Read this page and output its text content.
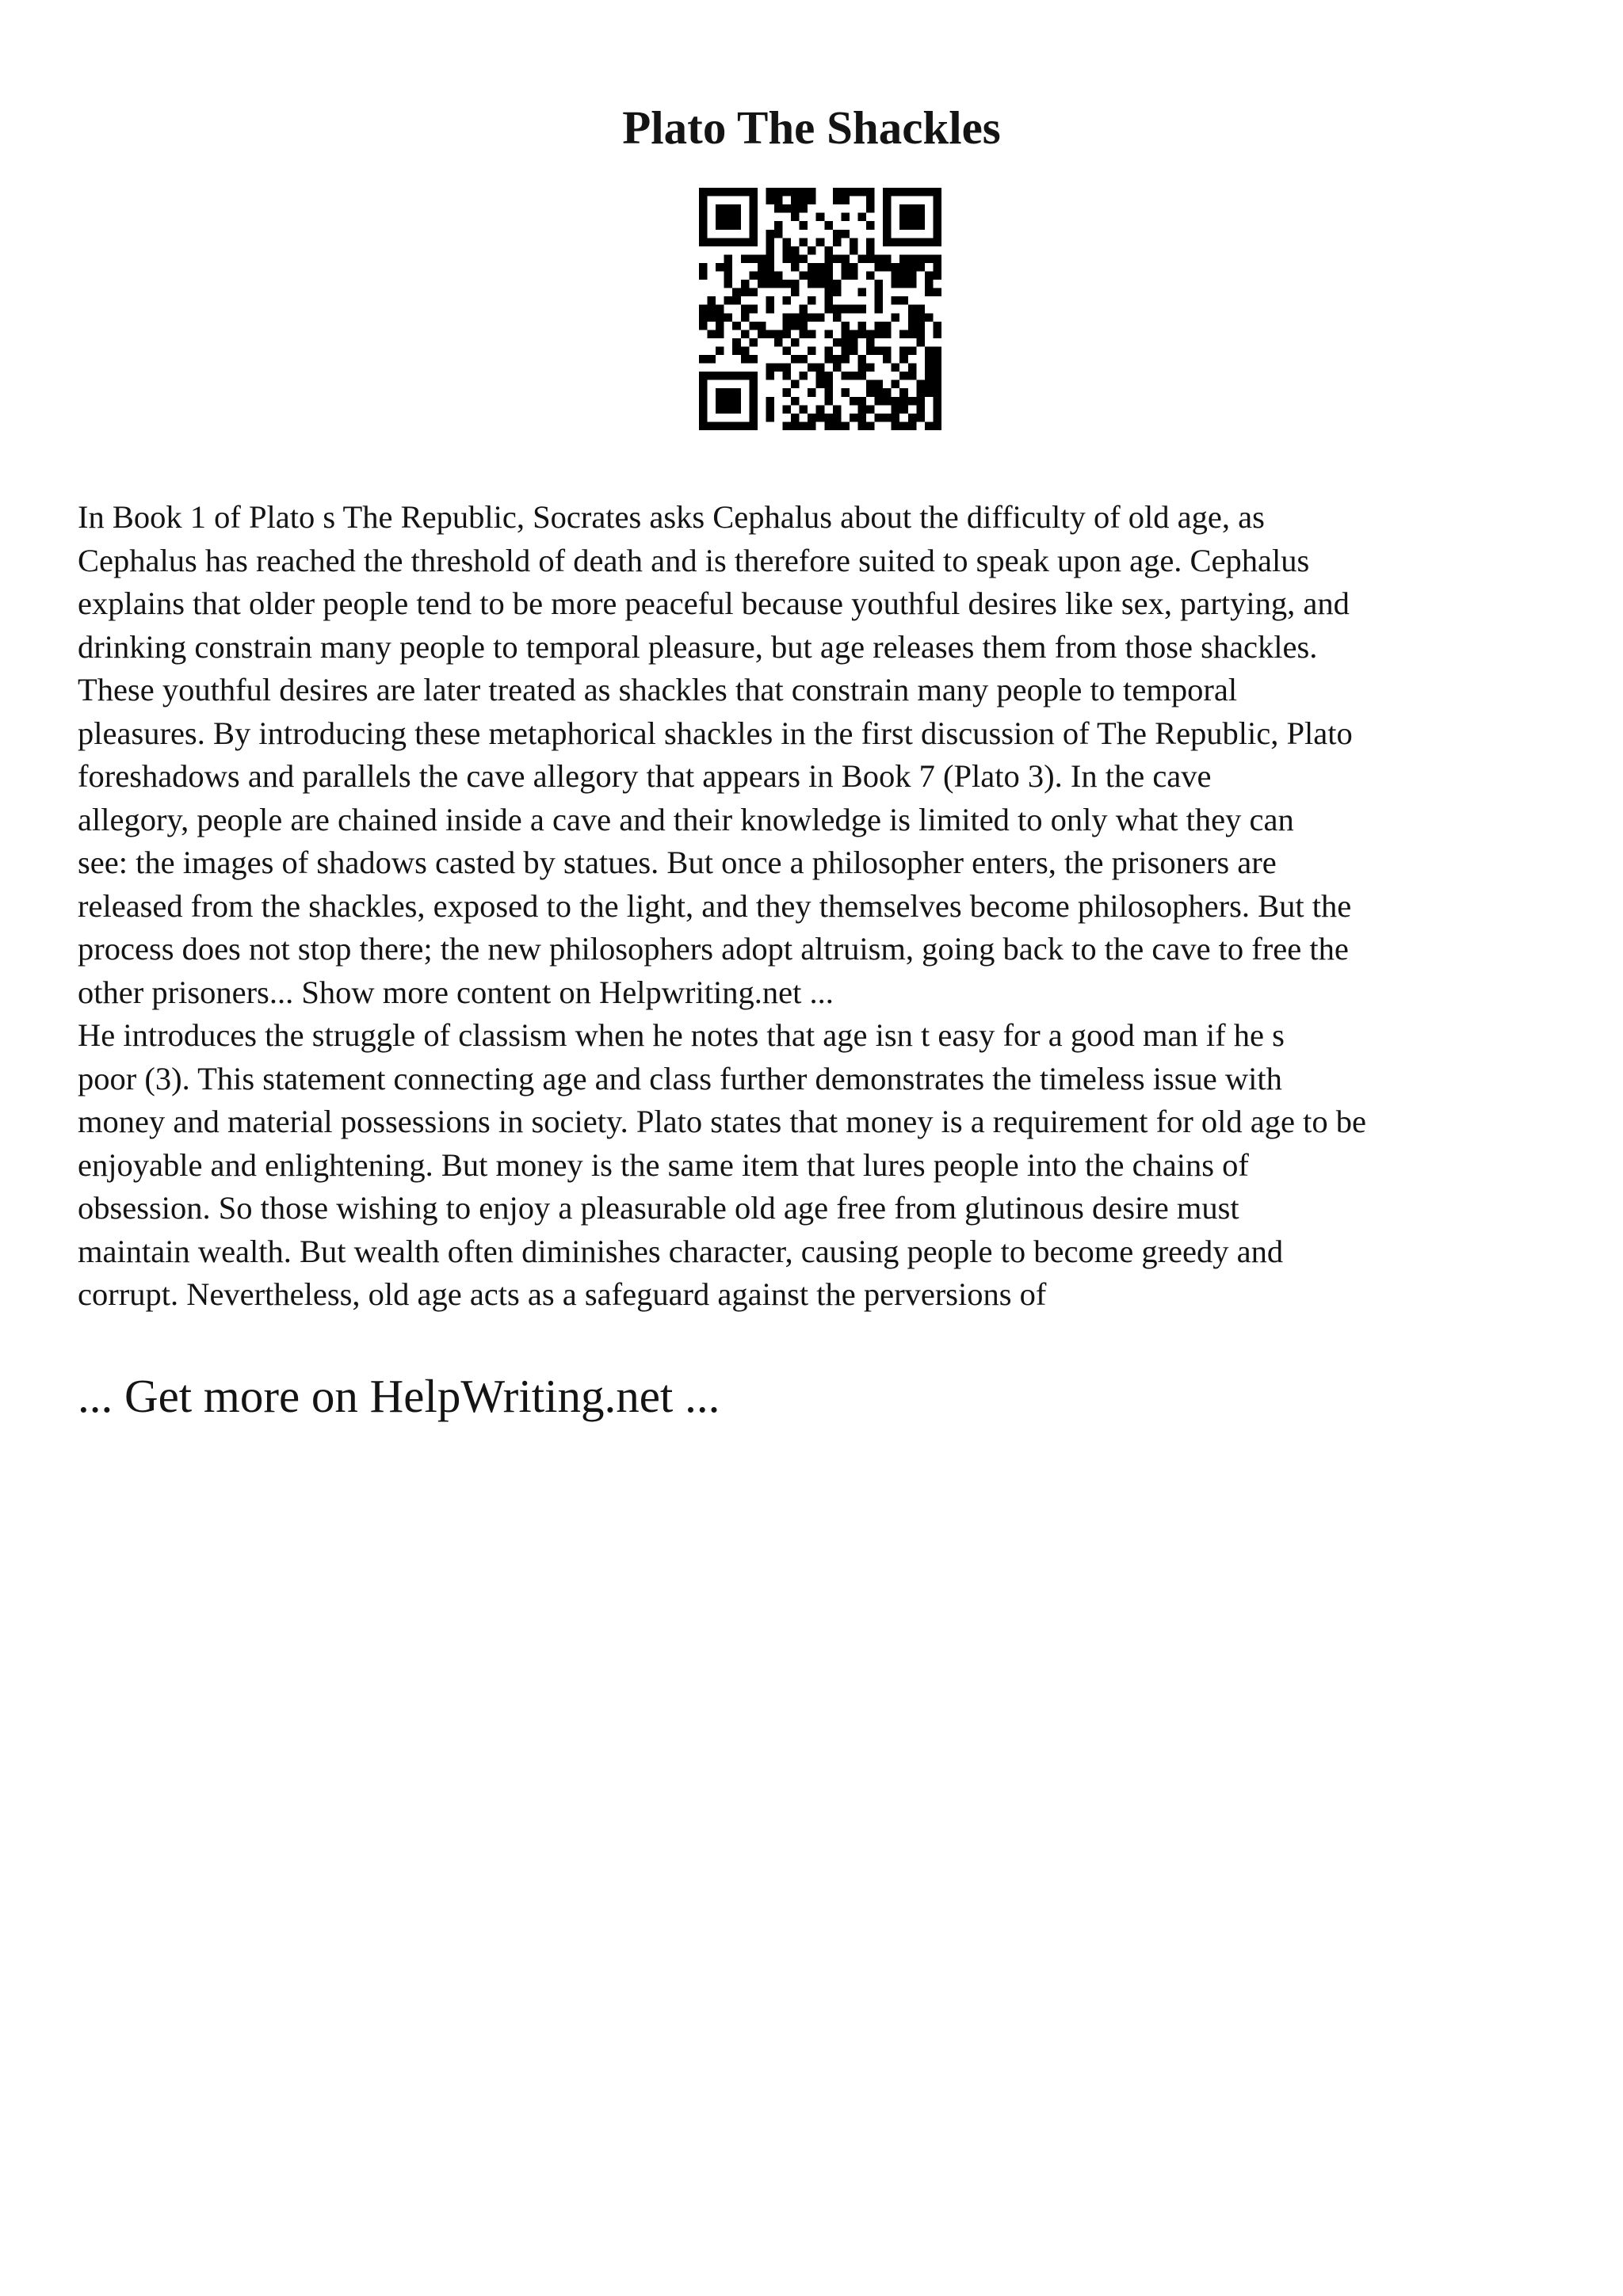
Plato The Shackles
In Book 1 of Plato s The Republic, Socrates asks Cephalus about the difficulty of old age, as
Cephalus has reached the threshold of death and is therefore suited to speak upon age. Cephalus
explains that older people tend to be more peaceful because youthful desires like sex, partying, and
drinking constrain many people to temporal pleasure, but age releases them from those shackles.
These youthful desires are later treated as shackles that constrain many people to temporal
pleasures. By introducing these metaphorical shackles in the first discussion of The Republic, Plato
foreshadows and parallels the cave allegory that appears in Book 7 (Plato 3). In the cave
allegory, people are chained inside a cave and their knowledge is limited to only what they can
see: the images of shadows casted by statues. But once a philosopher enters, the prisoners are
released from the shackles, exposed to the light, and they themselves become philosophers. But the
process does not stop there; the new philosophers adopt altruism, going back to the cave to free the
other prisoners... Show more content on Helpwriting.net ...
He introduces the struggle of classism when he notes that age isn t easy for a good man if he s
poor (3). This statement connecting age and class further demonstrates the timeless issue with
money and material possessions in society. Plato states that money is a requirement for old age to be
enjoyable and enlightening. But money is the same item that lures people into the chains of
obsession. So those wishing to enjoy a pleasurable old age free from glutinous desire must
maintain wealth. But wealth often diminishes character, causing people to become greedy and
corrupt. Nevertheless, old age acts as a safeguard against the perversions of
... Get more on HelpWriting.net ...
